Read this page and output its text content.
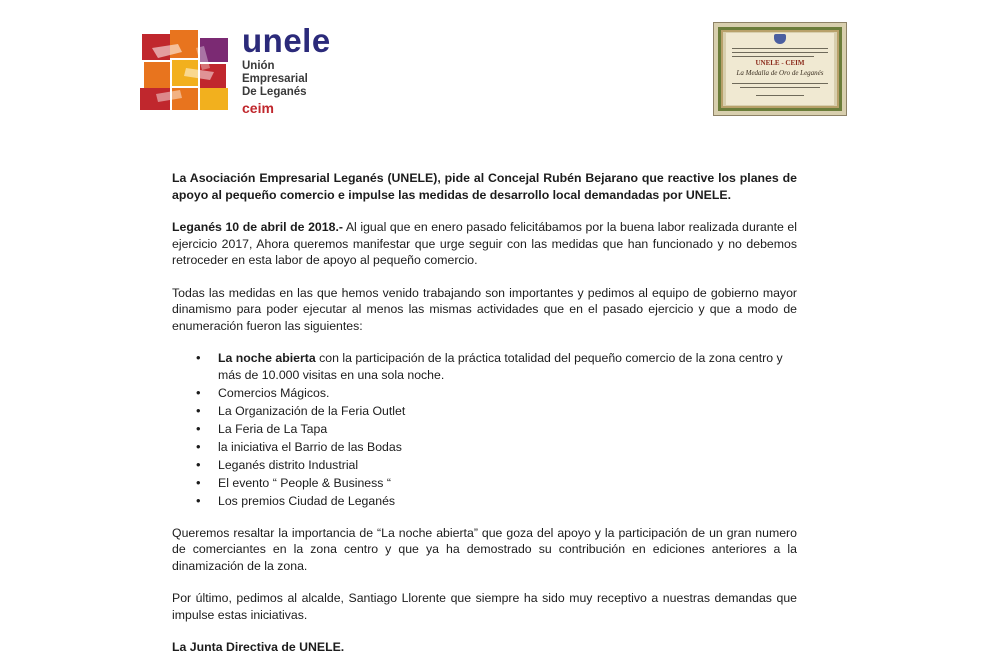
unele
Unión
Empresarial
De Leganés
ceim
UNELE - CEIM
La Medalla de Oro de Leganés

La Asociación Empresarial Leganés (UNELE), pide al Concejal Rubén Bejarano que reactive los planes de apoyo al pequeño comercio e impulse las medidas de desarrollo local demandadas por UNELE.

Leganés 10 de abril de 2018.- Al igual que en enero pasado felicitábamos por la buena labor realizada durante el ejercicio 2017, Ahora queremos manifestar que urge seguir con las medidas que han funcionado y no debemos retroceder en esta labor de apoyo al pequeño comercio.

Todas las medidas en las que hemos venido trabajando son importantes y pedimos al equipo de gobierno mayor dinamismo para poder ejecutar al menos las mismas actividades que en el pasado ejercicio y que a modo de enumeración fueron las siguientes:

• La noche abierta con la participación de la práctica totalidad del pequeño comercio de la zona centro y más de 10.000 visitas en una sola noche.
• Comercios Mágicos.
• La Organización de la Feria Outlet
• La Feria de La Tapa
• la iniciativa el Barrio de las Bodas
• Leganés distrito Industrial
• El evento “ People & Business “
• Los premios Ciudad de Leganés

Queremos resaltar la importancia de “La noche abierta” que goza del apoyo y la participación de un gran numero de comerciantes en la zona centro y que ya ha demostrado su contribución en ediciones anteriores a la dinamización de la zona.

Por último, pedimos al alcalde, Santiago Llorente que siempre ha sido muy receptivo a nuestras demandas que impulse estas iniciativas.

La Junta Directiva de UNELE.
